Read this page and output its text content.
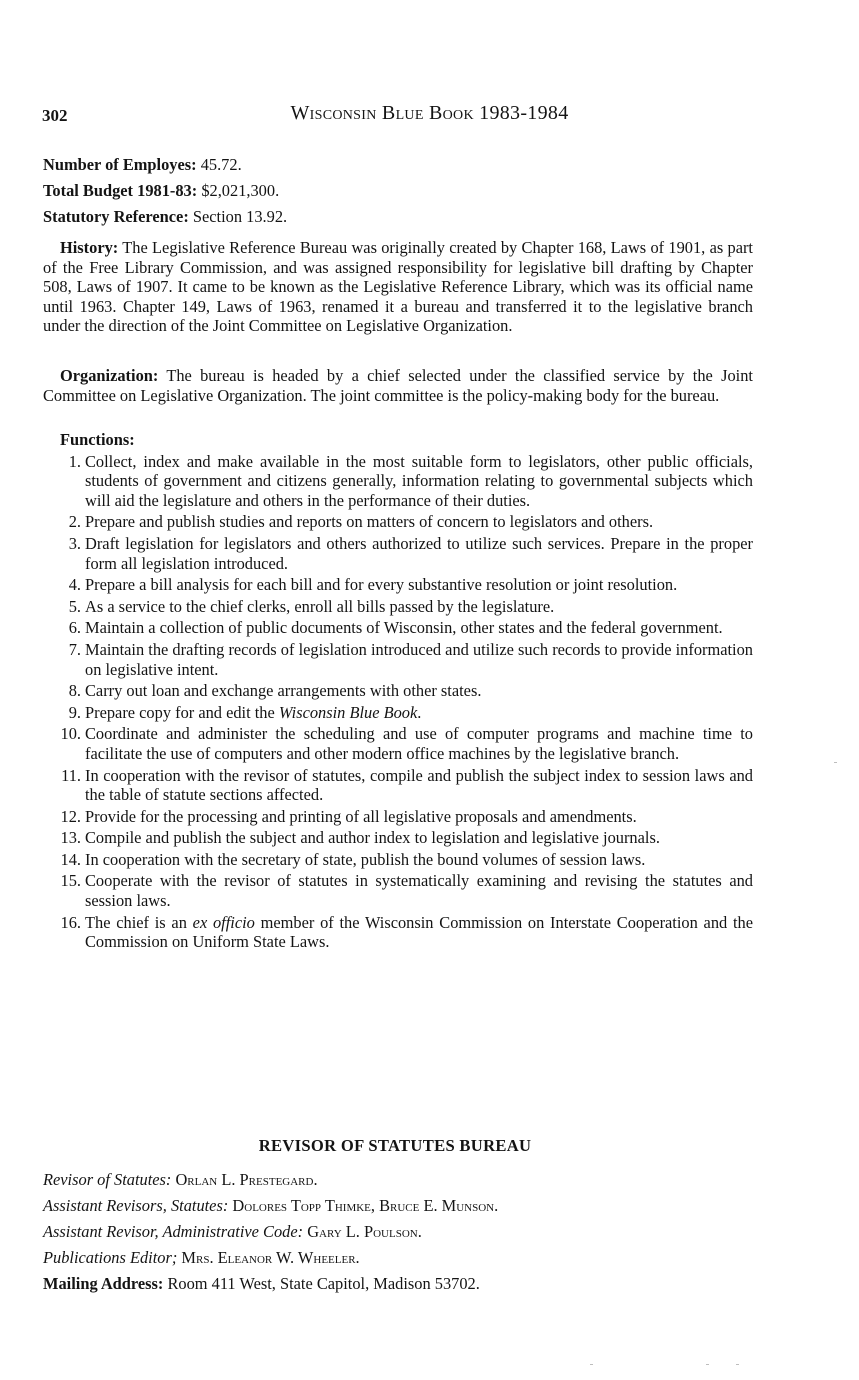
302	Wisconsin Blue Book 1983-1984

Number of Employes: 45.72.

Total Budget 1981-83: $2,021,300.

Statutory Reference: Section 13.92.

History: The Legislative Reference Bureau was originally created by Chapter 168, Laws of 1901, as part of the Free Library Commission, and was assigned responsibility for legislative bill drafting by Chapter 508, Laws of 1907. It came to be known as the Legislative Reference Library, which was its official name until 1963. Chapter 149, Laws of 1963, renamed it a bureau and transferred it to the legislative branch under the direction of the Joint Committee on Legislative Organization.

Organization: The bureau is headed by a chief selected under the classified service by the Joint Committee on Legislative Organization. The joint committee is the policy-making body for the bureau.

Functions:

1. Collect, index and make available in the most suitable form to legislators, other public officials, students of government and citizens generally, information relating to governmental subjects which will aid the legislature and others in the performance of their duties.
2. Prepare and publish studies and reports on matters of concern to legislators and others.
3. Draft legislation for legislators and others authorized to utilize such services. Prepare in the proper form all legislation introduced.
4. Prepare a bill analysis for each bill and for every substantive resolution or joint resolution.
5. As a service to the chief clerks, enroll all bills passed by the legislature.
6. Maintain a collection of public documents of Wisconsin, other states and the federal government.
7. Maintain the drafting records of legislation introduced and utilize such records to provide information on legislative intent.
8. Carry out loan and exchange arrangements with other states.
9. Prepare copy for and edit the Wisconsin Blue Book.
10. Coordinate and administer the scheduling and use of computer programs and machine time to facilitate the use of computers and other modern office machines by the legislative branch.
11. In cooperation with the revisor of statutes, compile and publish the subject index to session laws and the table of statute sections affected.
12. Provide for the processing and printing of all legislative proposals and amendments.
13. Compile and publish the subject and author index to legislation and legislative journals.
14. In cooperation with the secretary of state, publish the bound volumes of session laws.
15. Cooperate with the revisor of statutes in systematically examining and revising the statutes and session laws.
16. The chief is an ex officio member of the Wisconsin Commission on Interstate Cooperation and the Commission on Uniform State Laws.
REVISOR OF STATUTES BUREAU

Revisor of Statutes: Orlan L. Prestegard.

Assistant Revisors, Statutes: Dolores Topp Thimke, Bruce E. Munson.

Assistant Revisor, Administrative Code: Gary L. Poulson.

Publications Editor; Mrs. Eleanor W. Wheeler.

Mailing Address: Room 411 West, State Capitol, Madison 53702.
